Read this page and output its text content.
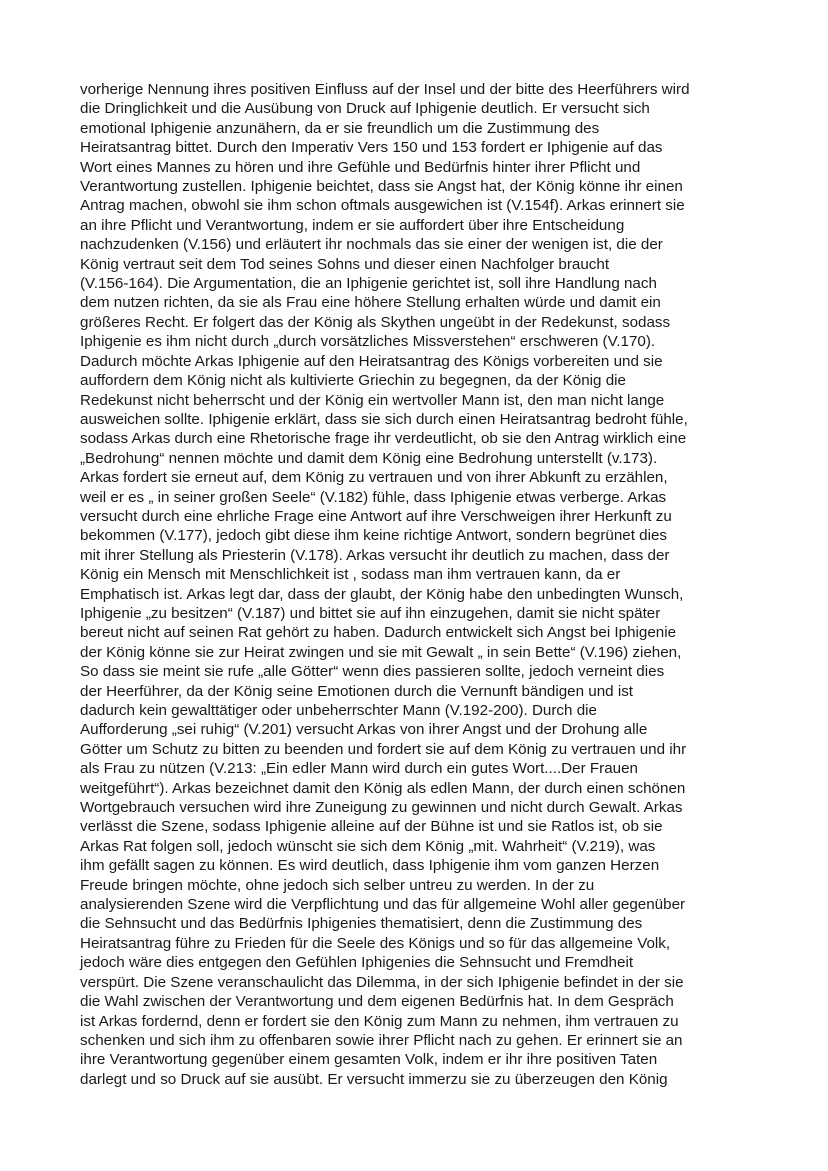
vorherige Nennung ihres positiven Einfluss auf der Insel und der bitte des Heerführers wird
die Dringlichkeit und die Ausübung von Druck auf Iphigenie deutlich. Er versucht sich
emotional Iphigenie anzunähern, da er sie freundlich um die Zustimmung des
Heiratsantrag bittet. Durch den Imperativ Vers 150 und 153 fordert er Iphigenie auf das
Wort eines Mannes zu hören und ihre Gefühle und Bedürfnis hinter ihrer Pflicht und
Verantwortung zustellen. Iphigenie beichtet, dass sie Angst hat, der König könne ihr einen
Antrag machen, obwohl sie ihm schon oftmals ausgewichen ist (V.154f). Arkas erinnert sie
an ihre Pflicht und Verantwortung, indem er sie auffordert über ihre Entscheidung
nachzudenken (V.156) und erläutert ihr nochmals das sie einer der wenigen ist, die der
König vertraut seit dem Tod seines Sohns und dieser einen Nachfolger braucht
(V.156-164). Die Argumentation, die an Iphigenie gerichtet ist, soll ihre Handlung nach
dem nutzen richten, da sie als Frau eine höhere Stellung erhalten würde und damit ein
größeres Recht. Er folgert das der König als Skythen ungeübt in der Redekunst, sodass
Iphigenie es ihm nicht durch „durch vorsätzliches Missverstehen“ erschweren (V.170).
Dadurch möchte Arkas Iphigenie auf den Heiratsantrag des Königs vorbereiten und sie
auffordern dem König nicht als kultivierte Griechin zu begegnen, da der König die
Redekunst nicht beherrscht und der König ein wertvoller Mann ist, den man nicht lange
ausweichen sollte. Iphigenie erklärt, dass sie sich durch einen Heiratsantrag bedroht fühle,
sodass Arkas durch eine Rhetorische frage ihr verdeutlicht, ob sie den Antrag wirklich eine
„Bedrohung“ nennen möchte und damit dem König eine Bedrohung unterstellt (v.173).
Arkas fordert sie erneut auf, dem König zu vertrauen und von ihrer Abkunft zu erzählen,
weil er es „ in seiner großen Seele“ (V.182) fühle, dass Iphigenie etwas verberge. Arkas
versucht durch eine ehrliche Frage eine Antwort auf ihre Verschweigen ihrer Herkunft zu
bekommen (V.177), jedoch gibt diese ihm keine richtige Antwort, sondern begrünet dies
mit ihrer Stellung als Priesterin (V.178). Arkas versucht ihr deutlich zu machen, dass der
König ein Mensch mit Menschlichkeit ist , sodass man ihm vertrauen kann, da er
Emphatisch ist. Arkas legt dar, dass der glaubt, der König habe den unbedingten Wunsch,
Iphigenie „zu besitzen“ (V.187) und bittet sie auf ihn einzugehen, damit sie nicht später
bereut nicht auf seinen Rat gehört zu haben. Dadurch entwickelt sich Angst bei Iphigenie
der König könne sie zur Heirat zwingen und sie mit Gewalt „ in sein Bette“ (V.196) ziehen,
So dass sie meint sie rufe „alle Götter“ wenn dies passieren sollte, jedoch verneint dies
der Heerführer, da der König seine Emotionen durch die Vernunft bändigen und ist
dadurch kein gewalttätiger oder unbeherrschter Mann (V.192-200). Durch die
Aufforderung „sei ruhig“ (V.201) versucht Arkas von ihrer Angst und der Drohung alle
Götter um Schutz zu bitten zu beenden und fordert sie auf dem König zu vertrauen und ihr
als Frau zu nützen (V.213: „Ein edler Mann wird durch ein gutes Wort....Der Frauen
weitgeführt“). Arkas bezeichnet damit den König als edlen Mann, der durch einen schönen
Wortgebrauch versuchen wird ihre Zuneigung zu gewinnen und nicht durch Gewalt. Arkas
verlässt die Szene, sodass Iphigenie alleine auf der Bühne ist und sie Ratlos ist, ob sie
Arkas Rat folgen soll, jedoch wünscht sie sich dem König „mit. Wahrheit“ (V.219), was
ihm gefällt sagen zu können. Es wird deutlich, dass Iphigenie ihm vom ganzen Herzen
Freude bringen möchte, ohne jedoch sich selber untreu zu werden. In der zu
analysierenden Szene wird die Verpflichtung und das für allgemeine Wohl aller gegenüber
die Sehnsucht und das Bedürfnis Iphigenies thematisiert, denn die Zustimmung des
Heiratsantrag führe zu Frieden für die Seele des Königs und so für das allgemeine Volk,
jedoch wäre dies entgegen den Gefühlen Iphigenies die Sehnsucht und Fremdheit
verspürt. Die Szene veranschaulicht das Dilemma, in der sich Iphigenie befindet in der sie
die Wahl zwischen der Verantwortung und dem eigenen Bedürfnis hat. In dem Gespräch
ist Arkas fordernd, denn er fordert sie den König zum Mann zu nehmen, ihm vertrauen zu
schenken und sich ihm zu offenbaren sowie ihrer Pflicht nach zu gehen. Er erinnert sie an
ihre Verantwortung gegenüber einem gesamten Volk, indem er ihr ihre positiven Taten
darlegt und so Druck auf sie ausübt. Er versucht immerzu sie zu überzeugen den König
